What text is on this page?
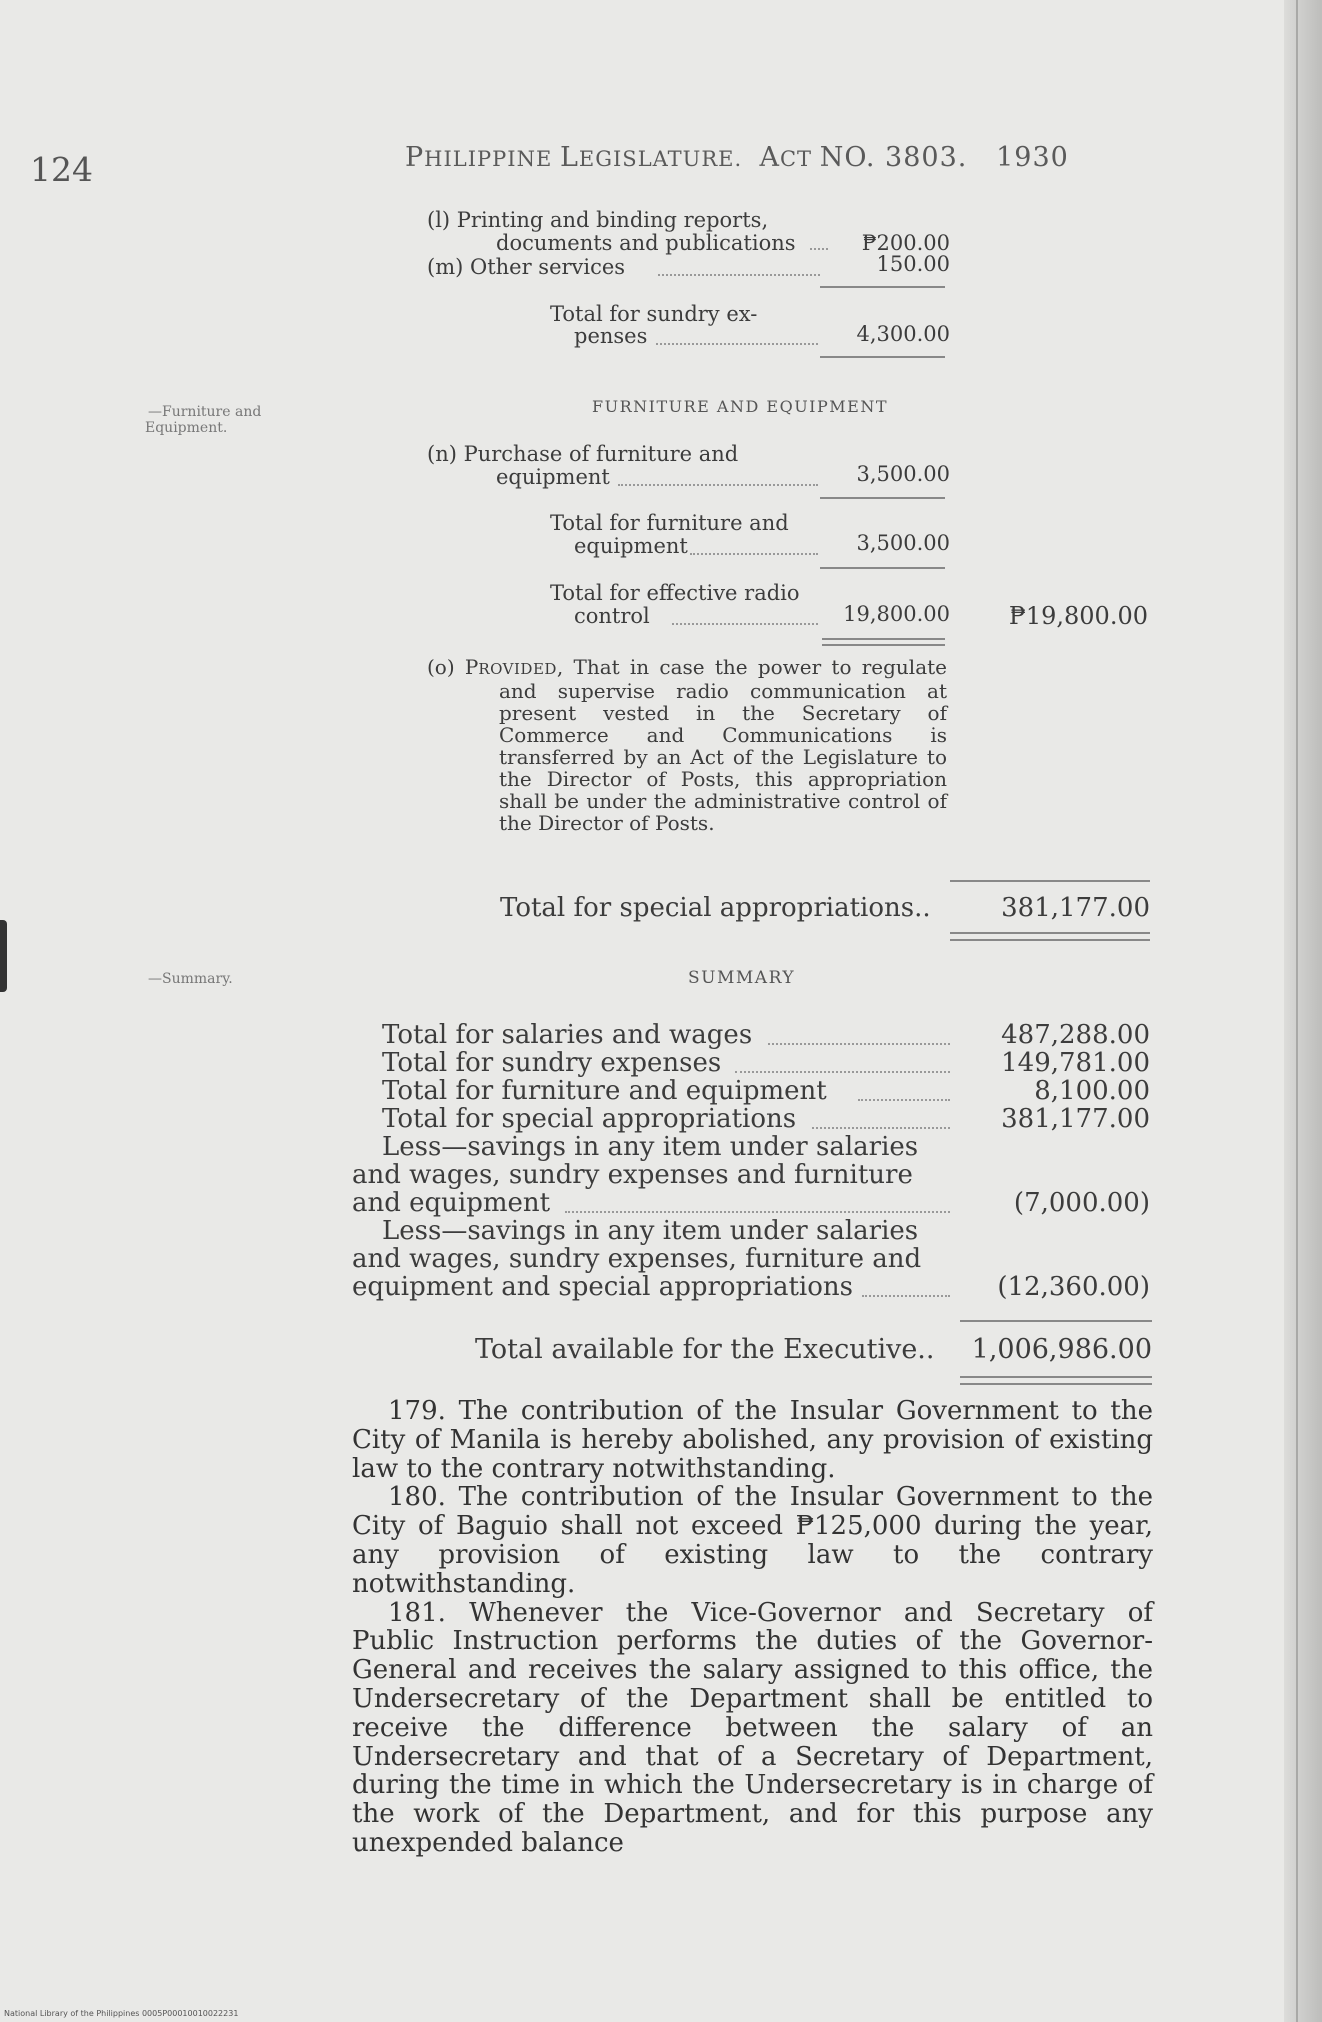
124	PHILIPPINE LEGISLATURE.  ACT NO. 3803. 1930
(l) Printing and binding reports,
documents and publications	₱200.00
(m) Other services	150.00
Total for sundry ex-
penses	4,300.00
—Furniture and
Equipment.
FURNITURE AND EQUIPMENT
(n) Purchase of furniture and
equipment	3,500.00
Total for furniture and
equipment	3,500.00
Total for effective radio
control	19,800.00	₱19,800.00
(o) PROVIDED, That in case the power to regulate and supervise radio communication at present vested in the Secretary of Commerce and Communications is transferred by an Act of the Legislature to the Director of Posts, this appropriation shall be under the administrative control of the Director of Posts.
Total for special appropriations..	381,177.00
—Summary.	SUMMARY
Total for salaries and wages	487,288.00
Total for sundry expenses	149,781.00
Total for furniture and equipment	8,100.00
Total for special appropriations	381,177.00
Less—savings in any item under salaries
and wages, sundry expenses and furniture
and equipment	(7,000.00)
Less—savings in any item under salaries
and wages, sundry expenses, furniture and
equipment and special appropriations	(12,360.00)
Total available for the Executive..	1,006,986.00

179. The contribution of the Insular Government to the City of Manila is hereby abolished, any provision of existing law to the contrary notwithstanding.

180. The contribution of the Insular Government to the City of Baguio shall not exceed ₱125,000 during the year, any provision of existing law to the contrary notwithstanding.

181. Whenever the Vice-Governor and Secretary of Public Instruction performs the duties of the Governor-General and receives the salary assigned to this office, the Undersecretary of the Department shall be entitled to receive the difference between the salary of an Undersecretary and that of a Secretary of Department, during the time in which the Undersecretary is in charge of the work of the Department, and for this purpose any unexpended balance

National Library of the Philippines 0005P00010010022231
